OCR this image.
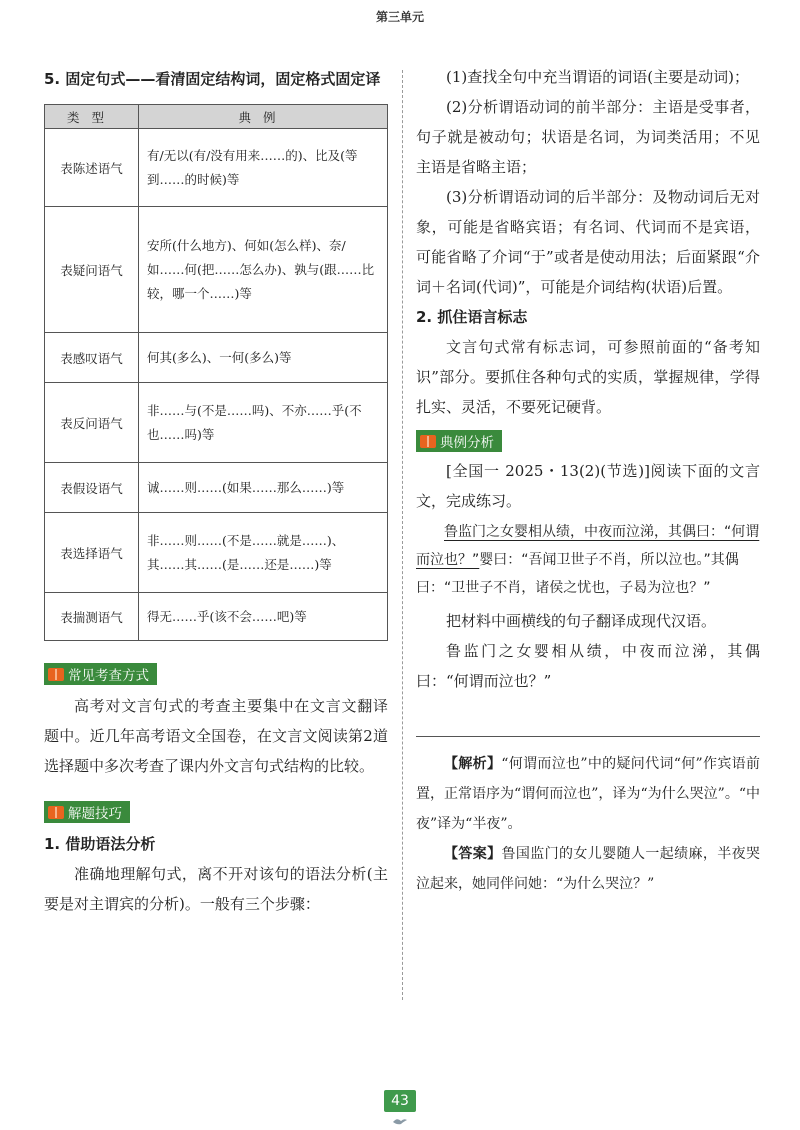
第三单元
5. 固定句式——看清固定结构词，固定格式固定译
类型	典例
表陈述语气	有/无以(有/没有用来……的)、比及(等到……的时候)等
表疑问语气	安所(什么地方)、何如(怎么样)、奈/如……何(把……怎么办)、孰与(跟……比较，哪一个……)等
表感叹语气	何其(多么)、一何(多么)等
表反问语气	非……与(不是……吗)、不亦……乎(不也……吗)等
表假设语气	诚……则……(如果……那么……)等
表选择语气	非……则……(不是……就是……)、其……其……(是……还是……)等
表揣测语气	得无……乎(该不会……吧)等
常见考查方式

高考对文言句式的考查主要集中在文言文翻译题中。近几年高考语文全国卷，在文言文阅读第2道选择题中多次考查了课内外文言句式结构的比较。

解题技巧
1. 借助语法分析

准确地理解句式，离不开对该句的语法分析(主要是对主谓宾的分析)。一般有三个步骤：

(1)查找全句中充当谓语的词语(主要是动词)；

(2)分析谓语动词的前半部分：主语是受事者，句子就是被动句；状语是名词，为词类活用；不见主语是省略主语；

(3)分析谓语动词的后半部分：及物动词后无对象，可能是省略宾语；有名词、代词而不是宾语，可能省略了介词“于”或者是使动用法；后面紧跟“介词＋名词(代词)”，可能是介词结构(状语)后置。

2. 抓住语言标志

文言句式常有标志词，可参照前面的“备考知识”部分。要抓住各种句式的实质，掌握规律，学得扎实、灵活，不要死记硬背。

典例分析

[全国一 2025・13(2)(节选)]阅读下面的文言文，完成练习。

鲁监门之女婴相从绩，中夜而泣涕，其偶曰：“何谓而泣也？”婴曰：“吾闻卫世子不肖，所以泣也。”其偶曰：“卫世子不肖，诸侯之忧也，子曷为泣也？”

把材料中画横线的句子翻译成现代汉语。

鲁监门之女婴相从绩，中夜而泣涕，其偶曰：“何谓而泣也？”

【解析】“何谓而泣也”中的疑问代词“何”作宾语前置，正常语序为“谓何而泣也”，译为“为什么哭泣”。“中夜”译为“半夜”。

【答案】鲁国监门的女儿婴随人一起绩麻，半夜哭泣起来，她同伴问她：“为什么哭泣？”

43
